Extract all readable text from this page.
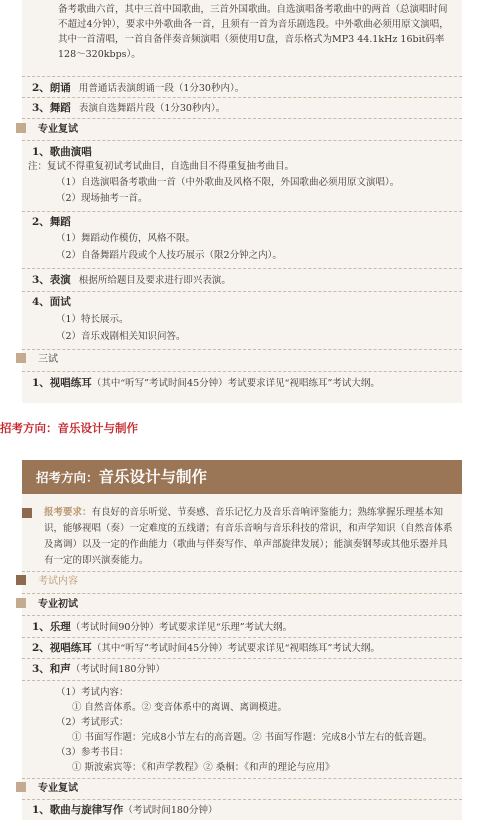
备考歌曲六首，其中三首中国歌曲，三首外国歌曲。自选演唱备考歌曲中的两首（总演唱时间不超过4分钟），要求中外歌曲各一首，且须有一首为音乐剧选段。中外歌曲必须用原文演唱，其中一首清唱，一首自备伴奏音频演唱（须使用U盘，音乐格式为MP3 44.1kHz 16bit码率128～320kbps）。
2、朗诵 用普通话表演朗诵一段（1分30秒内）。
3、舞蹈 表演自选舞蹈片段（1分30秒内）。
专业复试
1、歌曲演唱
注：复试不得重复初试考试曲目，自选曲目不得重复抽考曲目。
（1）自选演唱备考歌曲一首（中外歌曲及风格不限，外国歌曲必须用原文演唱）。
（2）现场抽考一首。
2、舞蹈
（1）舞蹈动作模仿，风格不限。
（2）自备舞蹈片段或个人技巧展示（限2分钟之内）。
3、表演 根据所给题目及要求进行即兴表演。
4、面试
（1）特长展示。
（2）音乐戏剧相关知识问答。
三试
1、视唱练耳（其中“听写”考试时间45分钟）考试要求详见“视唱练耳”考试大纲。
招考方向：音乐设计与制作
招考方向：音乐设计与制作
报考要求：有良好的音乐听觉、节奏感、音乐记忆力及音乐音响评鉴能力；熟练掌握乐理基本知识，能够视唱（奏）一定难度的五线谱；有音乐音响与音乐科技的常识，和声学知识（自然音体系及离调）以及一定的作曲能力（歌曲与伴奏写作、单声部旋律发展）；能演奏钢琴或其他乐器并具有一定的即兴演奏能力。
考试内容
专业初试
1、乐理（考试时间90分钟）考试要求详见“乐理”考试大纲。
2、视唱练耳（其中“听写”考试时间45分钟）考试要求详见“视唱练耳”考试大纲。
3、和声（考试时间180分钟）
（1）考试内容：
① 自然音体系。② 变音体系中的离调、离调模进。
（2）考试形式：
① 书面写作题：完成8小节左右的高音题。② 书面写作题：完成8小节左右的低音题。
（3）参考书目：
① 斯波索宾等：《和声学教程》② 桑桐：《和声的理论与应用》
专业复试
1、歌曲与旋律写作（考试时间180分钟）
